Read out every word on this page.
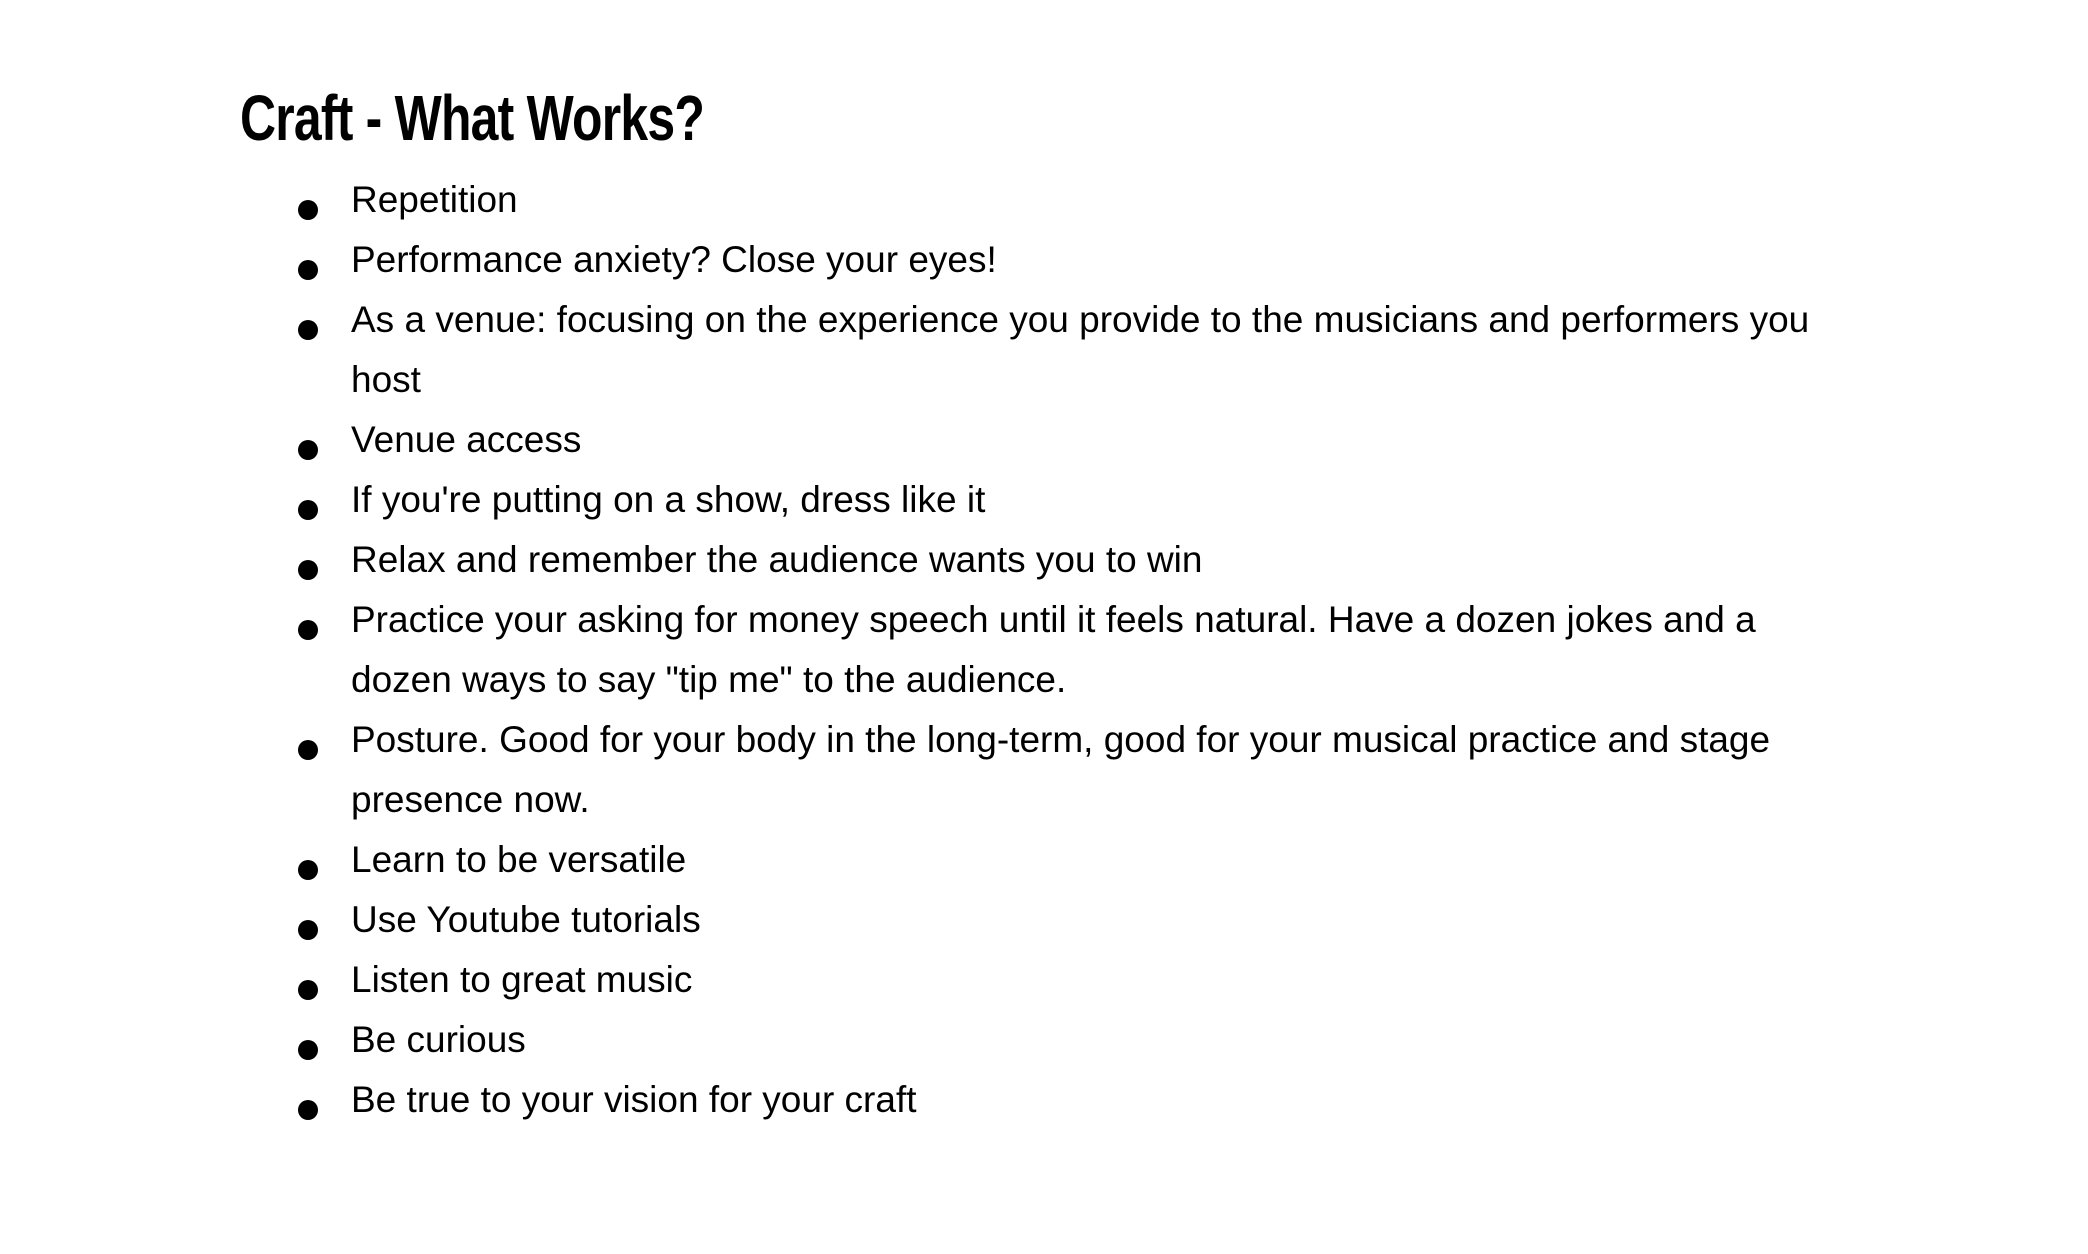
Craft - What Works?
Repetition
Performance anxiety? Close your eyes!
As a venue: focusing on the experience you provide to the musicians and performers you host
Venue access
If you're putting on a show, dress like it
Relax and remember the audience wants you to win
Practice your asking for money speech until it feels natural. Have a dozen jokes and a dozen ways to say "tip me" to the audience.
Posture. Good for your body in the long-term, good for your musical practice and stage presence now.
Learn to be versatile
Use Youtube tutorials
Listen to great music
Be curious
Be true to your vision for your craft
